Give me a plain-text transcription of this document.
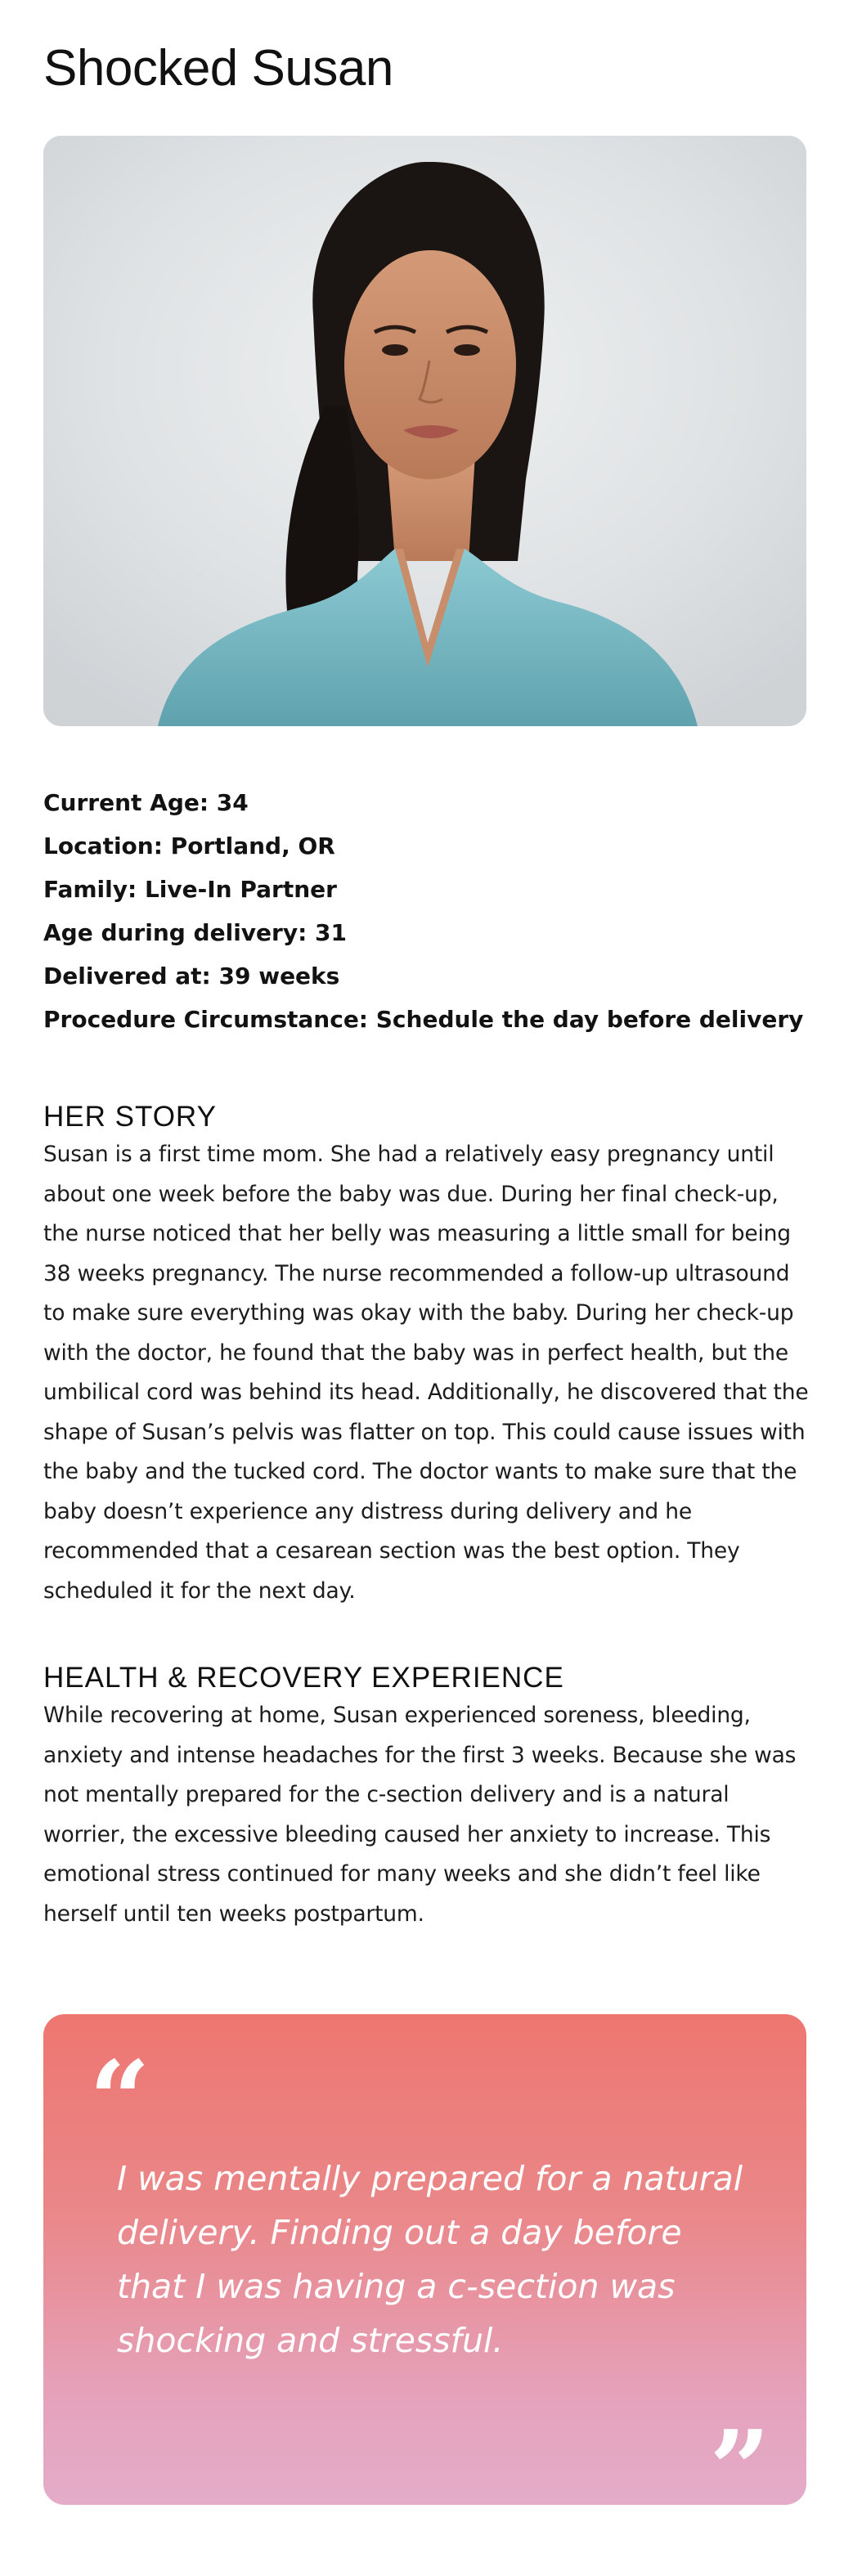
Shocked Susan
Current Age: 34
Location: Portland, OR
Family: Live-In Partner
Age during delivery: 31
Delivered at: 39 weeks
Procedure Circumstance: Schedule the day before delivery
HER STORY

Susan is a first time mom. She had a relatively easy pregnancy until about one week before the baby was due. During her final check-up, the nurse noticed that her belly was measuring a little small for being 38 weeks pregnancy. The nurse recommended a follow-up ultrasound to make sure everything was okay with the baby. During her check-up with the doctor, he found that the baby was in perfect health, but the umbilical cord was behind its head. Additionally, he discovered that the shape of Susan’s pelvis was flatter on top. This could cause issues with the baby and the tucked cord. The doctor wants to make sure that the baby doesn’t experience any distress during delivery and he recommended that a cesarean section was the best option. They scheduled it for the next day.

HEALTH & RECOVERY EXPERIENCE

While recovering at home, Susan experienced soreness, bleeding, anxiety and intense headaches for the first 3 weeks. Because she was not mentally prepared for the c-section delivery and is a natural worrier, the excessive bleeding caused her anxiety to increase. This emotional stress continued for many weeks and she didn’t feel like herself until ten weeks postpartum.

“

I was mentally prepared for a natural delivery. Finding out a day before that I was having a c-section was shocking and stressful.

”
